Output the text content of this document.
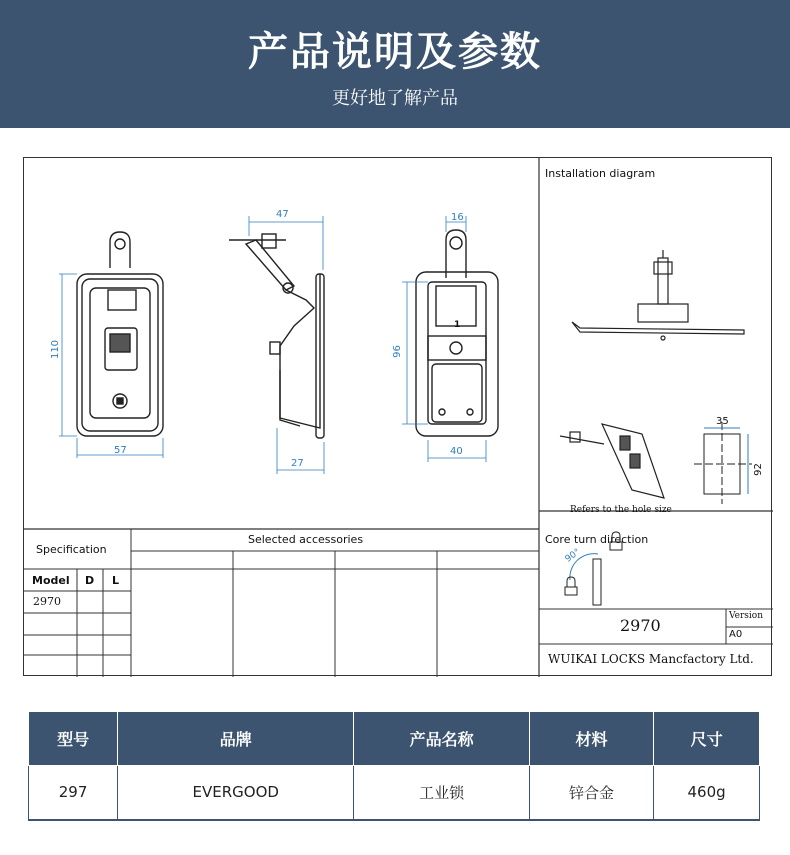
产品说明及参数
更好地了解产品
Installation diagram
Refers to the hole size
35
92
110
57
47
27
16
96
40
1
Specification
Selected accessories
Model D L
2970
Core turn direction
90°
2970	Version
A0
WUIKAI LOCKS Mancfactory Ltd.
型号	品牌	产品名称	材料	尺寸
297	EVERGOOD	工业锁	锌合金	460g
